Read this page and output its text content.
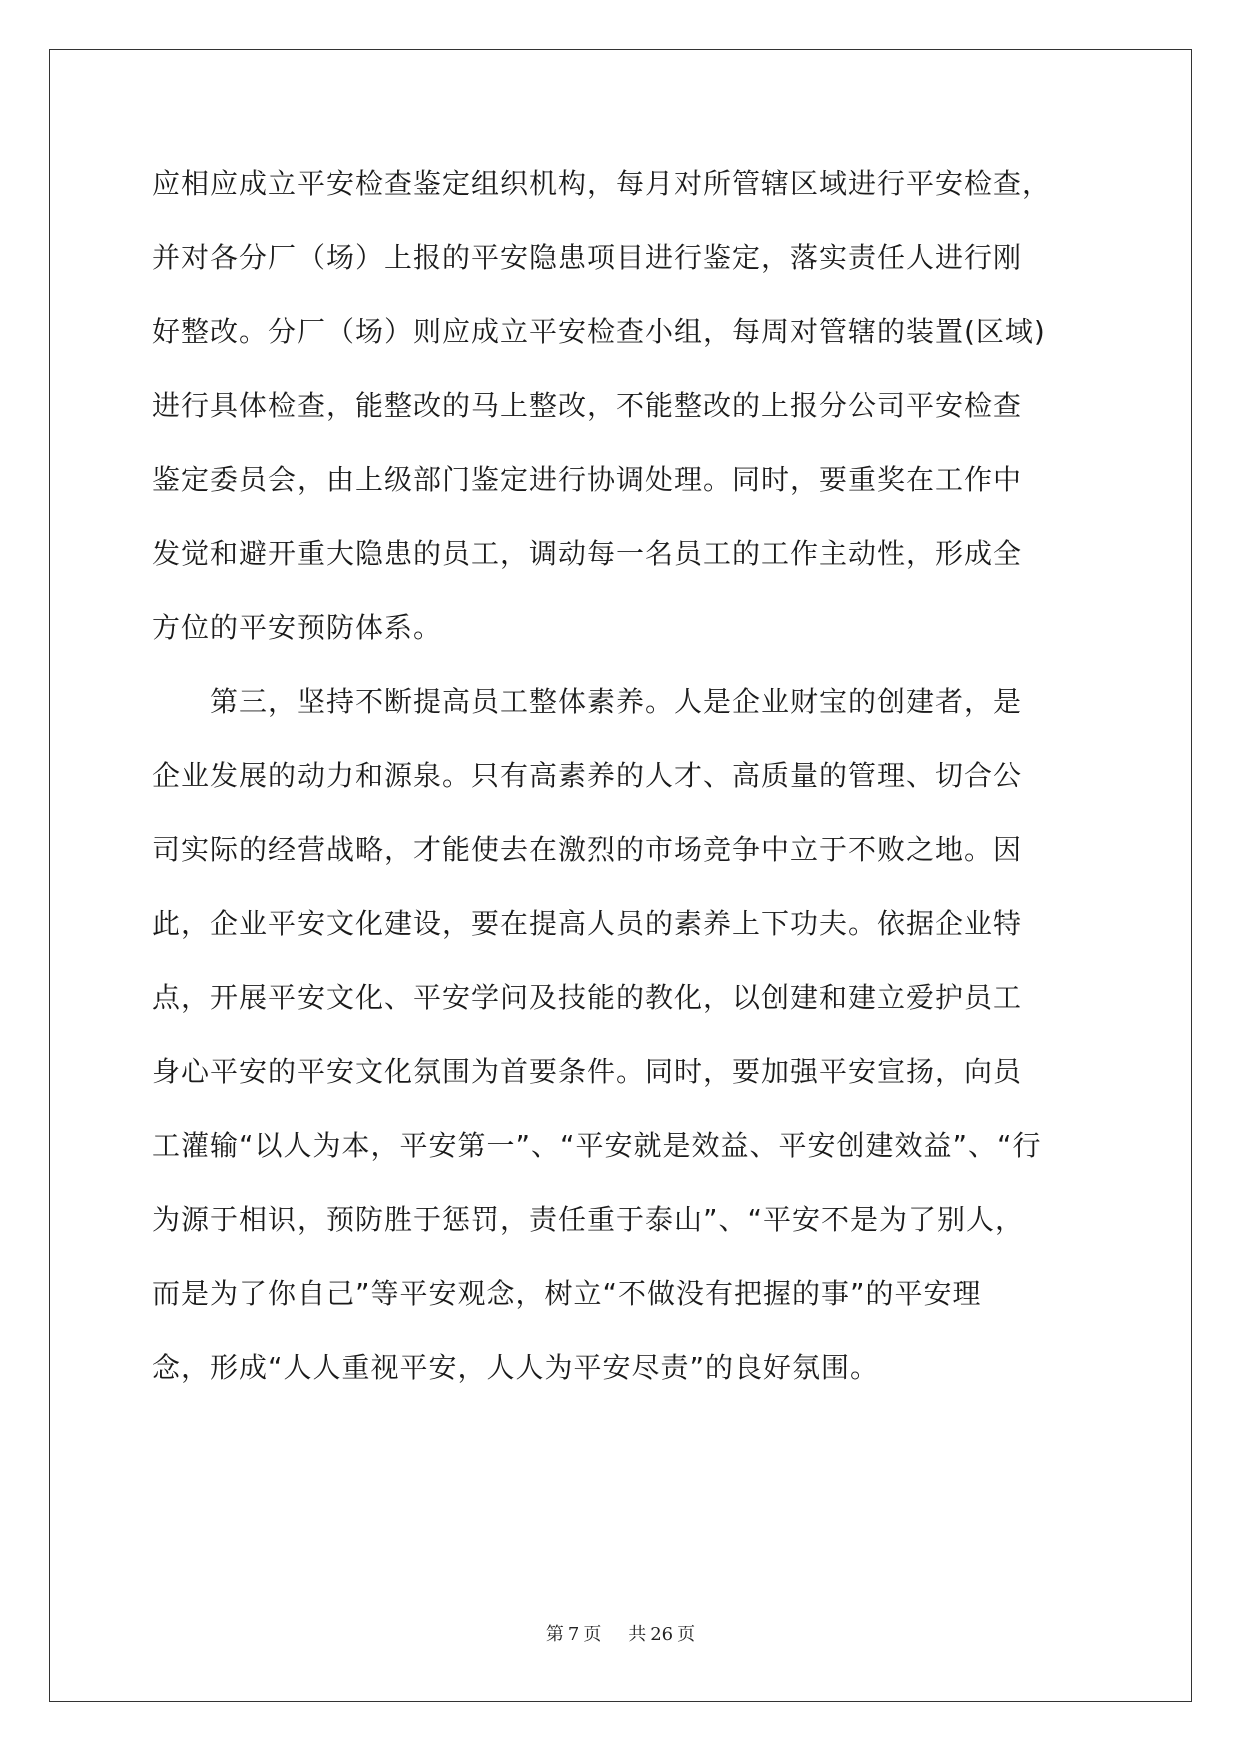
应相应成立平安检查鉴定组织机构，每月对所管辖区域进行平安检查，
并对各分厂（场）上报的平安隐患项目进行鉴定，落实责任人进行刚
好整改。分厂（场）则应成立平安检查小组，每周对管辖的装置(区域)
进行具体检查，能整改的马上整改，不能整改的上报分公司平安检查
鉴定委员会，由上级部门鉴定进行协调处理。同时，要重奖在工作中
发觉和避开重大隐患的员工，调动每一名员工的工作主动性，形成全
方位的平安预防体系。
　　第三，坚持不断提高员工整体素养。人是企业财宝的创建者，是
企业发展的动力和源泉。只有高素养的人才、高质量的管理、切合公
司实际的经营战略，才能使去在激烈的市场竞争中立于不败之地。因
此，企业平安文化建设，要在提高人员的素养上下功夫。依据企业特
点，开展平安文化、平安学问及技能的教化，以创建和建立爱护员工
身心平安的平安文化氛围为首要条件。同时，要加强平安宣扬，向员
工灌输“以人为本，平安第一”、“平安就是效益、平安创建效益”、“行
为源于相识，预防胜于惩罚，责任重于泰山”、“平安不是为了别人，
而是为了你自己”等平安观念，树立“不做没有把握的事”的平安理
念，形成“人人重视平安，人人为平安尽责”的良好氛围。
第 7 页 共 26 页
